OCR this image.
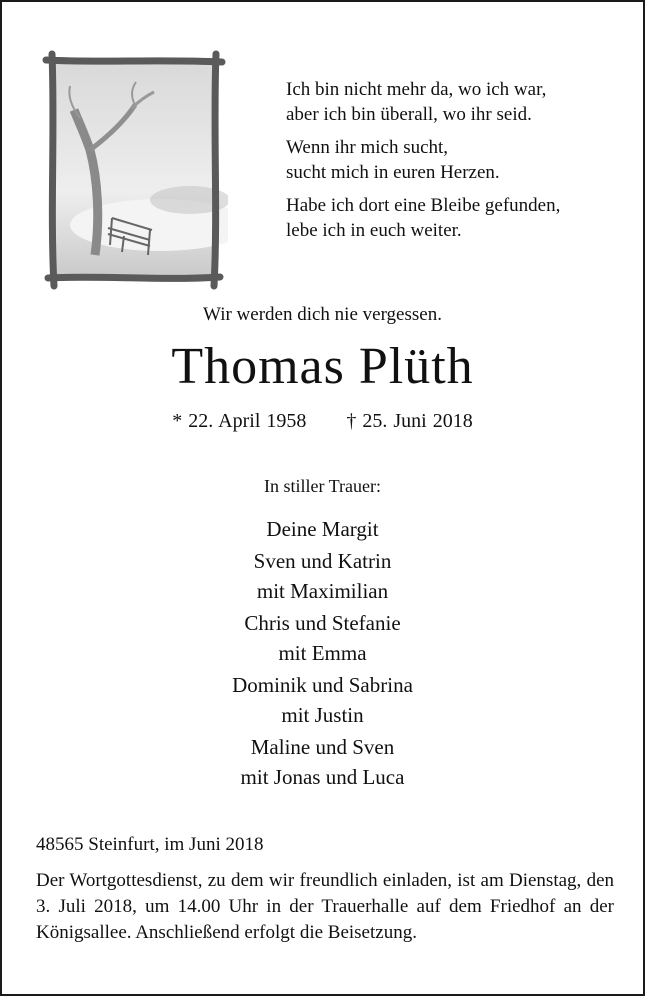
Ich bin nicht mehr da, wo ich war,
aber ich bin überall, wo ihr seid.

Wenn ihr mich sucht,
sucht mich in euren Herzen.

Habe ich dort eine Bleibe gefunden,
lebe ich in euch weiter.

Wir werden dich nie vergessen.
Thomas Plüth
* 22. April 1958 † 25. Juni 2018
In stiller Trauer:
Deine Margit
Sven und Katrin
mit Maximilian
Chris und Stefanie
mit Emma
Dominik und Sabrina
mit Justin
Maline und Sven
mit Jonas und Luca
48565 Steinfurt, im Juni 2018
Der Wortgottesdienst, zu dem wir freundlich einladen, ist am Dienstag, den 3. Juli 2018, um 14.00 Uhr in der Trauerhalle auf dem Friedhof an der Königsallee. Anschließend erfolgt die Beisetzung.
